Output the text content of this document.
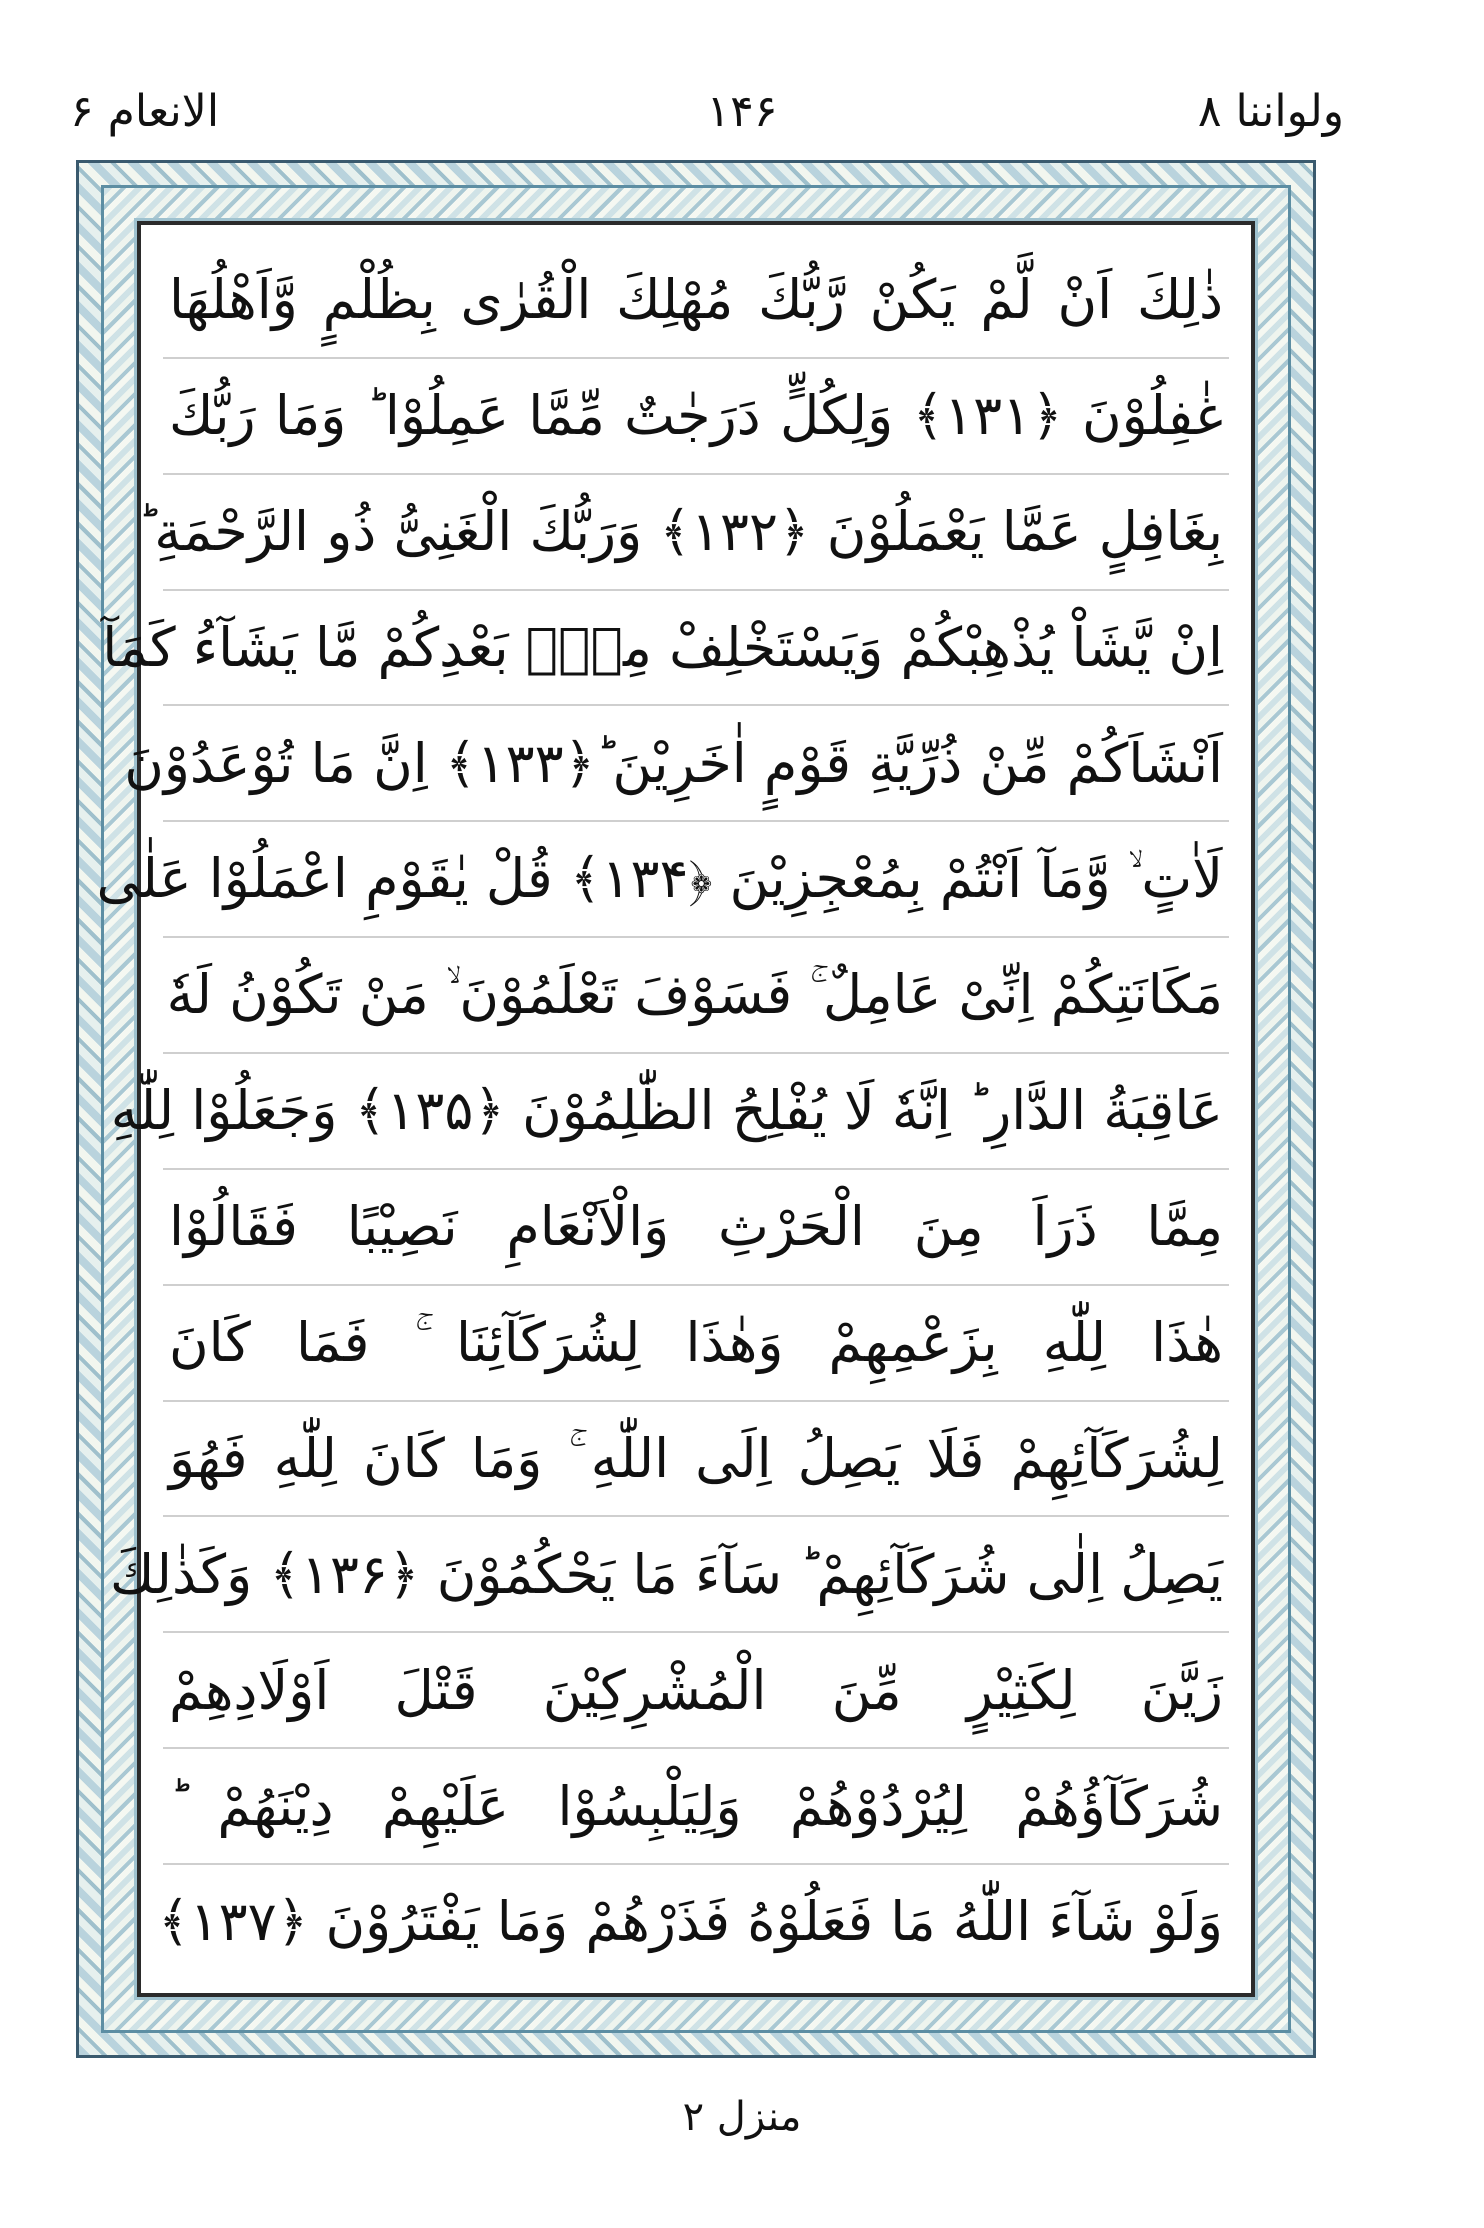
ولواننا ۸
۱۴۶
الانعام ۶
ذٰلِكَ اَنْ لَّمْ يَكُنْ رَّبُّكَ مُهْلِكَ الْقُرٰى بِظُلْمٍ وَّاَهْلُهَا
غٰفِلُوْنَ ﴿۱۳۱﴾ وَلِكُلٍّ دَرَجٰتٌ مِّمَّا عَمِلُوْا ؕ وَمَا رَبُّكَ
بِغَافِلٍ عَمَّا يَعْمَلُوْنَ ﴿۱۳۲﴾ وَرَبُّكَ الْغَنِىُّ ذُو الرَّحْمَةِ ؕ
اِنْ يَّشَاْ يُذْهِبْكُمْ وَيَسْتَخْلِفْ مِنْۢ بَعْدِكُمْ مَّا يَشَآءُ كَمَآ
اَنْشَاَكُمْ مِّنْ ذُرِّيَّةِ قَوْمٍ اٰخَرِيْنَ ؕ﴿۱۳۳﴾ اِنَّ مَا تُوْعَدُوْنَ
لَاٰتٍ ۙ وَّمَآ اَنْتُمْ بِمُعْجِزِيْنَ ﴿۱۳۴﴾ قُلْ يٰقَوْمِ اعْمَلُوْا عَلٰى
مَكَانَتِكُمْ اِنِّىْ عَامِلٌ ۚ فَسَوْفَ تَعْلَمُوْنَ ۙ مَنْ تَكُوْنُ لَهٗ
عَاقِبَةُ الدَّارِ ؕ اِنَّهٗ لَا يُفْلِحُ الظّٰلِمُوْنَ ﴿۱۳۵﴾ وَجَعَلُوْا لِلّٰهِ
مِمَّا ذَرَاَ مِنَ الْحَرْثِ وَالْاَنْعَامِ نَصِيْبًا فَقَالُوْا
هٰذَا لِلّٰهِ بِزَعْمِهِمْ وَهٰذَا لِشُرَكَآئِنَا ۚ فَمَا كَانَ
لِشُرَكَآئِهِمْ فَلَا يَصِلُ اِلَى اللّٰهِ ۚ وَمَا كَانَ لِلّٰهِ فَهُوَ
يَصِلُ اِلٰى شُرَكَآئِهِمْ ؕ سَآءَ مَا يَحْكُمُوْنَ ﴿۱۳۶﴾ وَكَذٰلِكَ
زَيَّنَ لِكَثِيْرٍ مِّنَ الْمُشْرِكِيْنَ قَتْلَ اَوْلَادِهِمْ
شُرَكَآؤُهُمْ لِيُرْدُوْهُمْ وَلِيَلْبِسُوْا عَلَيْهِمْ دِيْنَهُمْ ؕ
وَلَوْ شَآءَ اللّٰهُ مَا فَعَلُوْهُ فَذَرْهُمْ وَمَا يَفْتَرُوْنَ ﴿۱۳۷﴾
منزل ۲
